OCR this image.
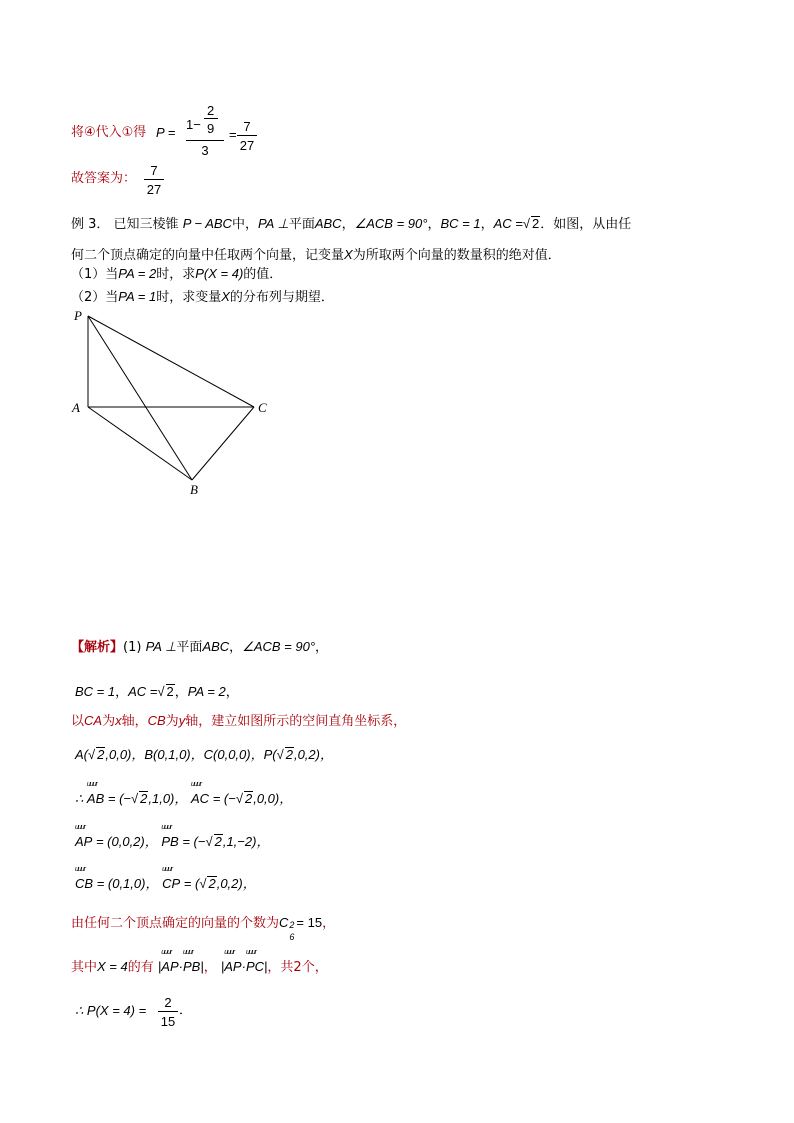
将④代入①得 P =
1−
2
9
3
=
7
27
故答案为：
7
27
例 3． 已知三棱锥 P − ABC中，PA ⊥平面ABC，∠ACB = 90°，BC = 1，AC =√ 2．如图，从由任
何二个顶点确定的向量中任取两个向量，记变量X为所取两个向量的数量积的绝对值．
（1）当PA = 2时，求P(X = 4)的值．
（2）当PA = 1时，求变量X的分布列与期望．
P
A	C
B
【解析】(1) PA ⊥平面ABC，∠ACB = 90°，
BC = 1，AC =√ 2，PA = 2，
以CA为x轴，CB为y轴，建立如图所示的空间直角坐标系，
A(√ 2,0,0)，B(0,1,0)，C(0,0,0)，P(√ 2,0,2)，
∴
uuur
AB = (−√ 2,1,0)，
uuur
AC = (−√ 2,0,0)，
uuur
AP = (0,0,2)，
uuur
PB = (−√ 2,1,−2)，
uuur
CB = (0,1,0)，
uuur
CP = (√ 2,0,2)，
由任何二个顶点确定的向量的个数为C 2
6
= 15，
其中X = 4的有 |
uuur
AP·
uuur
PB|， |
uuur
AP·
uuur
PC|，共2个，
∴ P(X = 4) =
2
15
．
